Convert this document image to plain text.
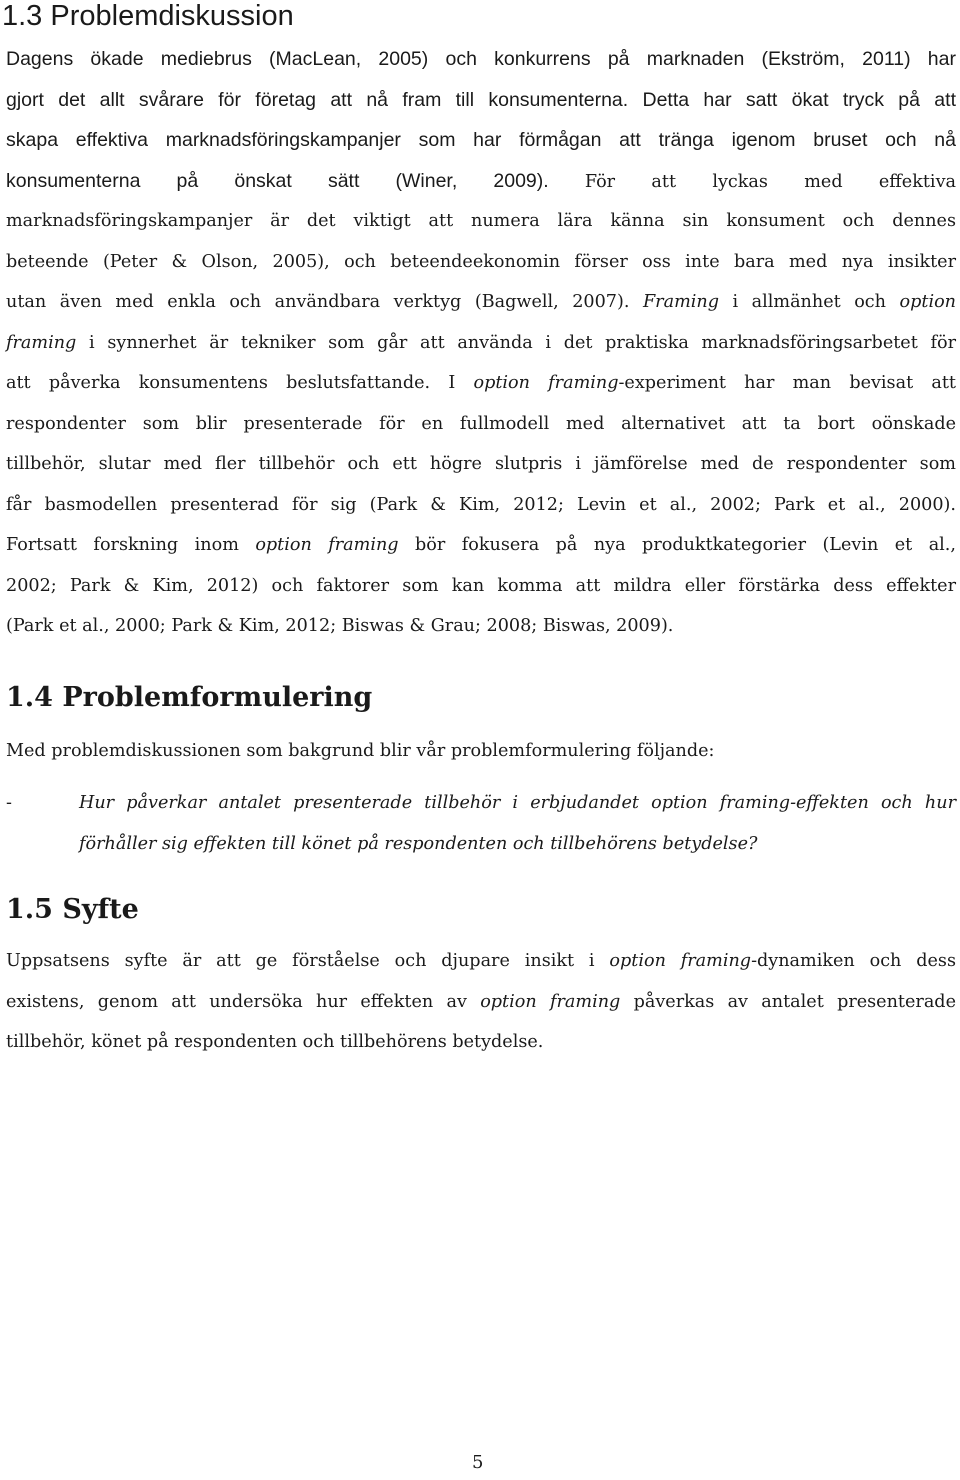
1.3 Problemdiskussion
Dagens ökade mediebrus (MacLean, 2005) och konkurrens på marknaden (Ekström, 2011) har
gjort det allt svårare för företag att nå fram till konsumenterna. Detta har satt ökat tryck på att
skapa effektiva marknadsföringskampanjer som har förmågan att tränga igenom bruset och nå
konsumenterna på önskat sätt (Winer, 2009). För att lyckas med effektiva
marknadsföringskampanjer är det viktigt att numera lära känna sin konsument och dennes
beteende (Peter & Olson, 2005), och beteendeekonomin förser oss inte bara med nya insikter
utan även med enkla och användbara verktyg (Bagwell, 2007). Framing i allmänhet och option
framing i synnerhet är tekniker som går att använda i det praktiska marknadsföringsarbetet för
att påverka konsumentens beslutsfattande. I option framing-experiment har man bevisat att
respondenter som blir presenterade för en fullmodell med alternativet att ta bort oönskade
tillbehör, slutar med fler tillbehör och ett högre slutpris i jämförelse med de respondenter som
får basmodellen presenterad för sig (Park & Kim, 2012; Levin et al., 2002; Park et al., 2000).
Fortsatt forskning inom option framing bör fokusera på nya produktkategorier (Levin et al.,
2002; Park & Kim, 2012) och faktorer som kan komma att mildra eller förstärka dess effekter
(Park et al., 2000; Park & Kim, 2012; Biswas & Grau; 2008; Biswas, 2009).
1.4 Problemformulering
Med problemdiskussionen som bakgrund blir vår problemformulering följande:
-	Hur påverkar antalet presenterade tillbehör i erbjudandet option framing-effekten och hur
förhåller sig effekten till könet på respondenten och tillbehörens betydelse?
1.5 Syfte
Uppsatsens syfte är att ge förståelse och djupare insikt i option framing-dynamiken och dess
existens, genom att undersöka hur effekten av option framing påverkas av antalet presenterade
tillbehör, könet på respondenten och tillbehörens betydelse.
5
